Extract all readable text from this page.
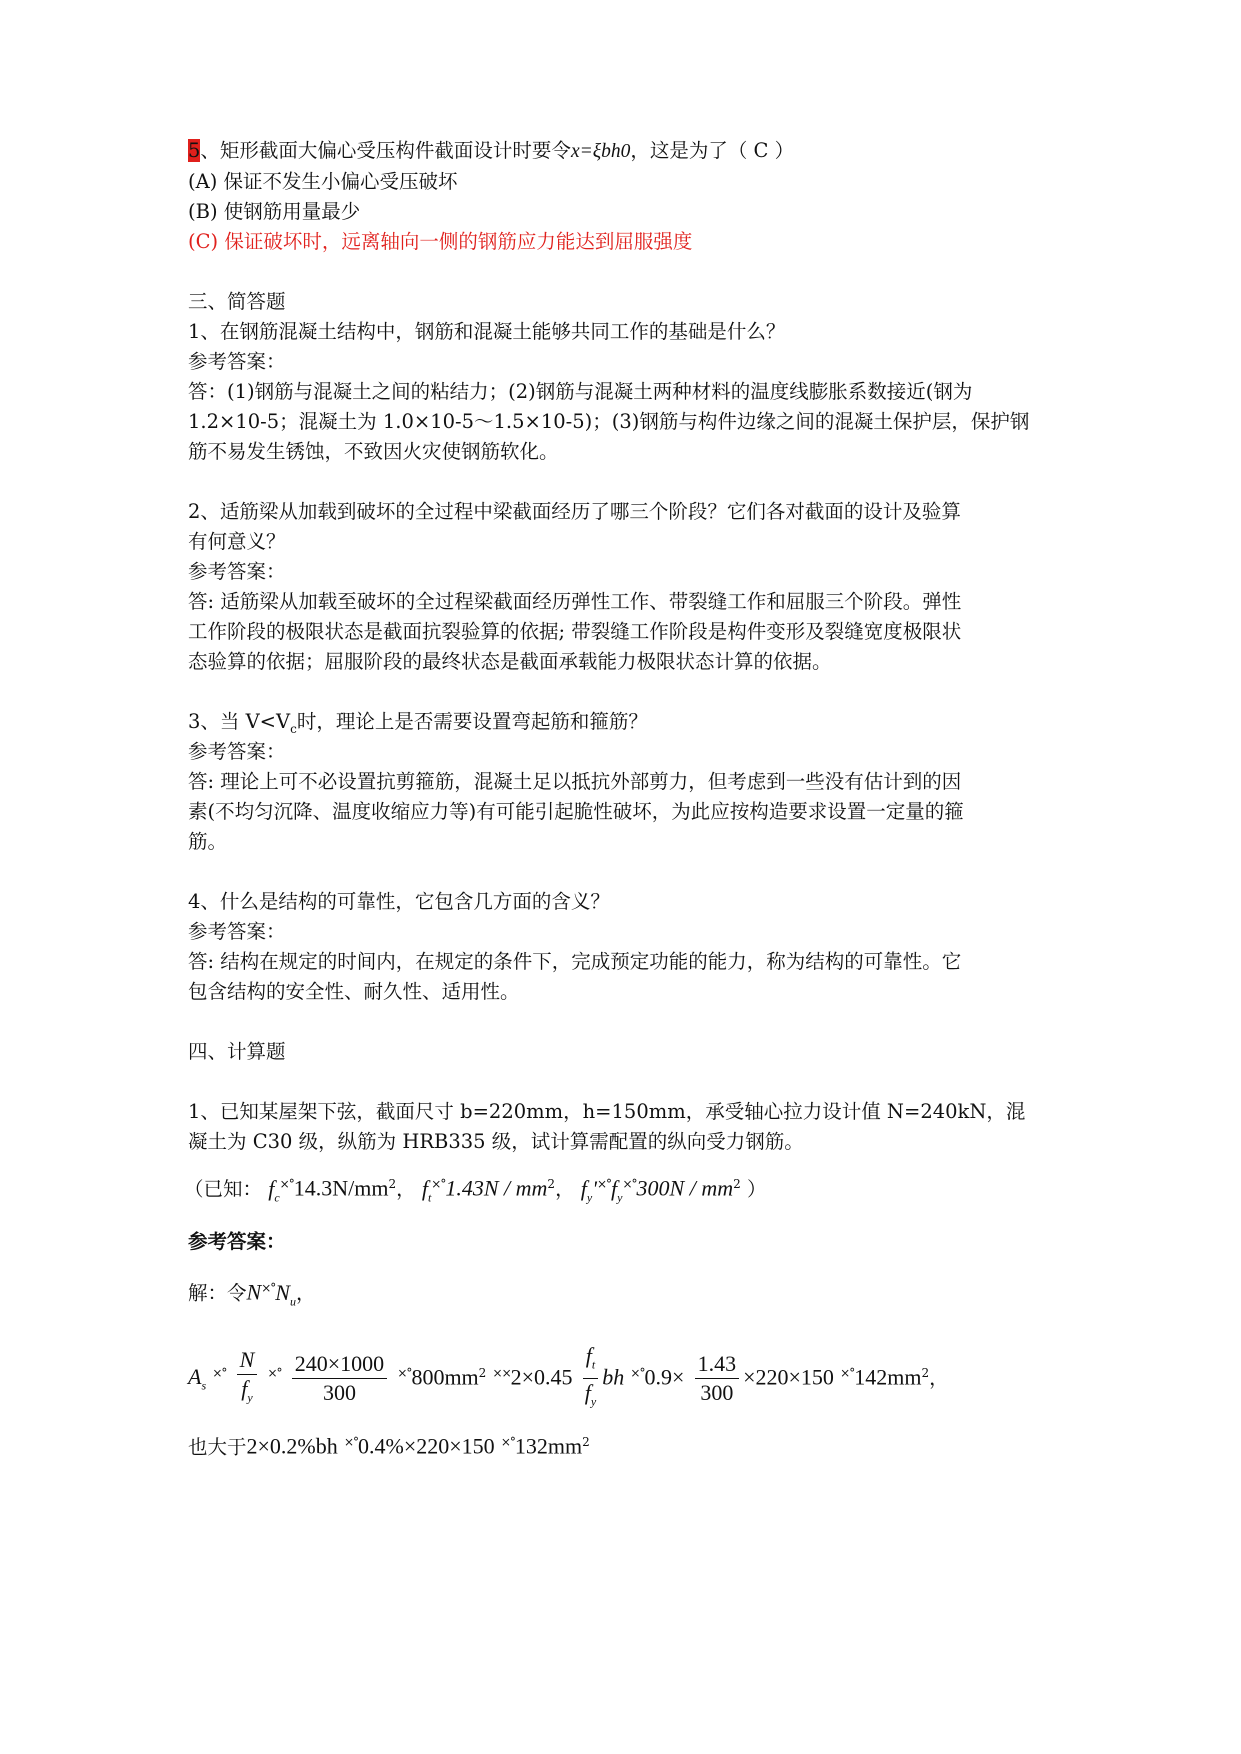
5、矩形截面大偏心受压构件截面设计时要令x=ξbh0，这是为了（ C ）
(A) 保证不发生小偏心受压破坏
(B) 使钢筋用量最少
(C) 保证破坏时，远离轴向一侧的钢筋应力能达到屈服强度
三、简答题
1、在钢筋混凝土结构中，钢筋和混凝土能够共同工作的基础是什么？
参考答案：
答：(1)钢筋与混凝土之间的粘结力；(2)钢筋与混凝土两种材料的温度线膨胀系数接近(钢为
1.2×10-5；混凝土为 1.0×10-5～1.5×10-5)；(3)钢筋与构件边缘之间的混凝土保护层，保护钢
筋不易发生锈蚀，不致因火灾使钢筋软化。
2、适筋梁从加载到破坏的全过程中梁截面经历了哪三个阶段？它们各对截面的设计及验算
有何意义？
参考答案：
答: 适筋梁从加载至破坏的全过程梁截面经历弹性工作、带裂缝工作和屈服三个阶段。弹性
工作阶段的极限状态是截面抗裂验算的依据; 带裂缝工作阶段是构件变形及裂缝宽度极限状
态验算的依据；屈服阶段的最终状态是截面承载能力极限状态计算的依据。
3、当 $V<V_c$时，理论上是否需要设置弯起筋和箍筋？
参考答案：
答: 理论上可不必设置抗剪箍筋，混凝土足以抵抗外部剪力，但考虑到一些没有估计到的因
素(不均匀沉降、温度收缩应力等)有可能引起脆性破坏，为此应按构造要求设置一定量的箍
筋。
4、什么是结构的可靠性，它包含几方面的含义？
参考答案：
答: 结构在规定的时间内，在规定的条件下，完成预定功能的能力，称为结构的可靠性。它
包含结构的安全性、耐久性、适用性。
四、计算题
1、已知某屋架下弦，截面尺寸 b=220mm，h=150mm，承受轴心拉力设计值 N=240kN，混
凝土为 C30 级，纵筋为 HRB335 级，试计算需配置的纵向受力钢筋。
（已知： $f_c^{\times^\circ}14.3N/mm^2$， $f_t^{\times^\circ}1.43N / mm^2$， $f_y'^{\times^\circ}f_y^{\times^\circ}300N / mm^2$ ）
参考答案：
解：令$N^{\times^\circ}N_u$，
$A_s$ $^{\times^\circ} \frac{N}{f_y} ^{\times^\circ} \frac{240\times 1000}{300} ^{\times^\circ}800mm^2$ $^{\times\times}2\times 0.45 \frac{f_t}{f_y}$ bh $^{\times^\circ}0.9\times \frac{1.43}{300} \times 220\times 150$ $^{\times^\circ}142mm^2$，
也大于2×0.2%bh ×°0.4%×220×150 $^{\times^\circ}132mm^2$
